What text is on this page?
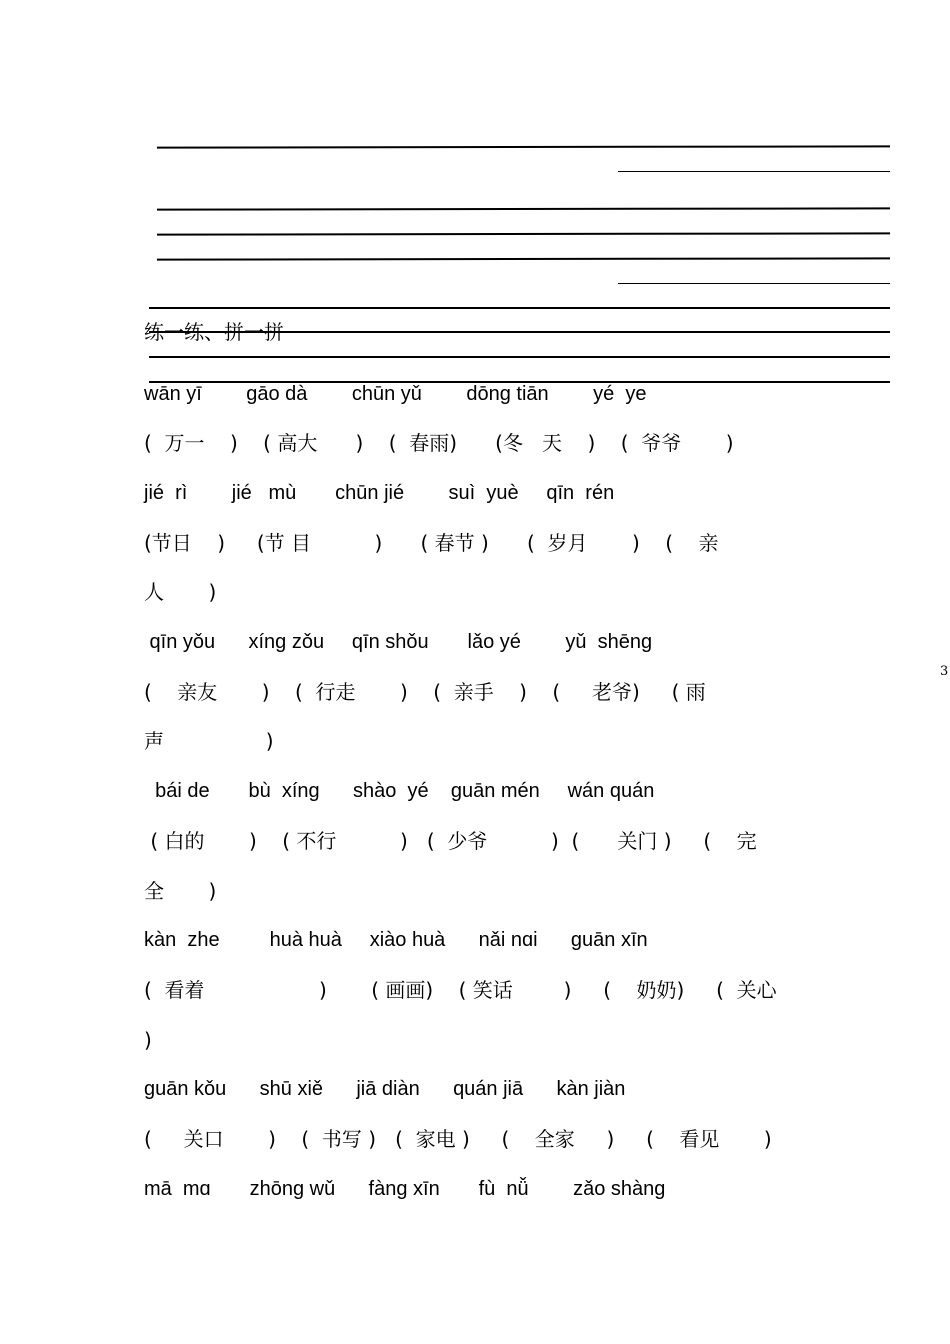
练一练、拼一拼
wān yī        ɡāo dà        chūn yǔ        dōnɡ tiān        yé  ye
(  万一    )    ( 高大      )    (  春雨)      (冬   天    )    (  爷爷       )
jié  rì        jié   mù       chūn jié        suì  yuè     qīn  rén
(节日    )     (节 目          )      ( 春节 )      (  岁月       )    (    亲
人       )
qīn yǒu      xínɡ zǒu     qīn shǒu       lǎo yé        yǔ  shēnɡ
(    亲友       )    (  行走       )    (  亲手    )    (     老爷)     ( 雨
声                )
bái de       bù  xínɡ      shào  yé    ɡuān mén     wán quán
( 白的       )    ( 不行          )   (  少爷          )  (      关门 )     (    完
全       )
kàn  zhe         huà huà     xiào huà      nǎi nɑi      ɡuān xīn
(  看着                  )       ( 画画)    ( 笑话        )     (    奶奶)     (  关心
)
ɡuān kǒu      shū xiě      jiā diàn      quán jiā      kàn jiàn
(     关口       )    (  书写 )   (  家电 )     (    全家     )     (    看见       )
mā  mɑ       zhōnɡ wǔ      fànɡ xīn       fù  nǚ        zǎo shànɡ
3
